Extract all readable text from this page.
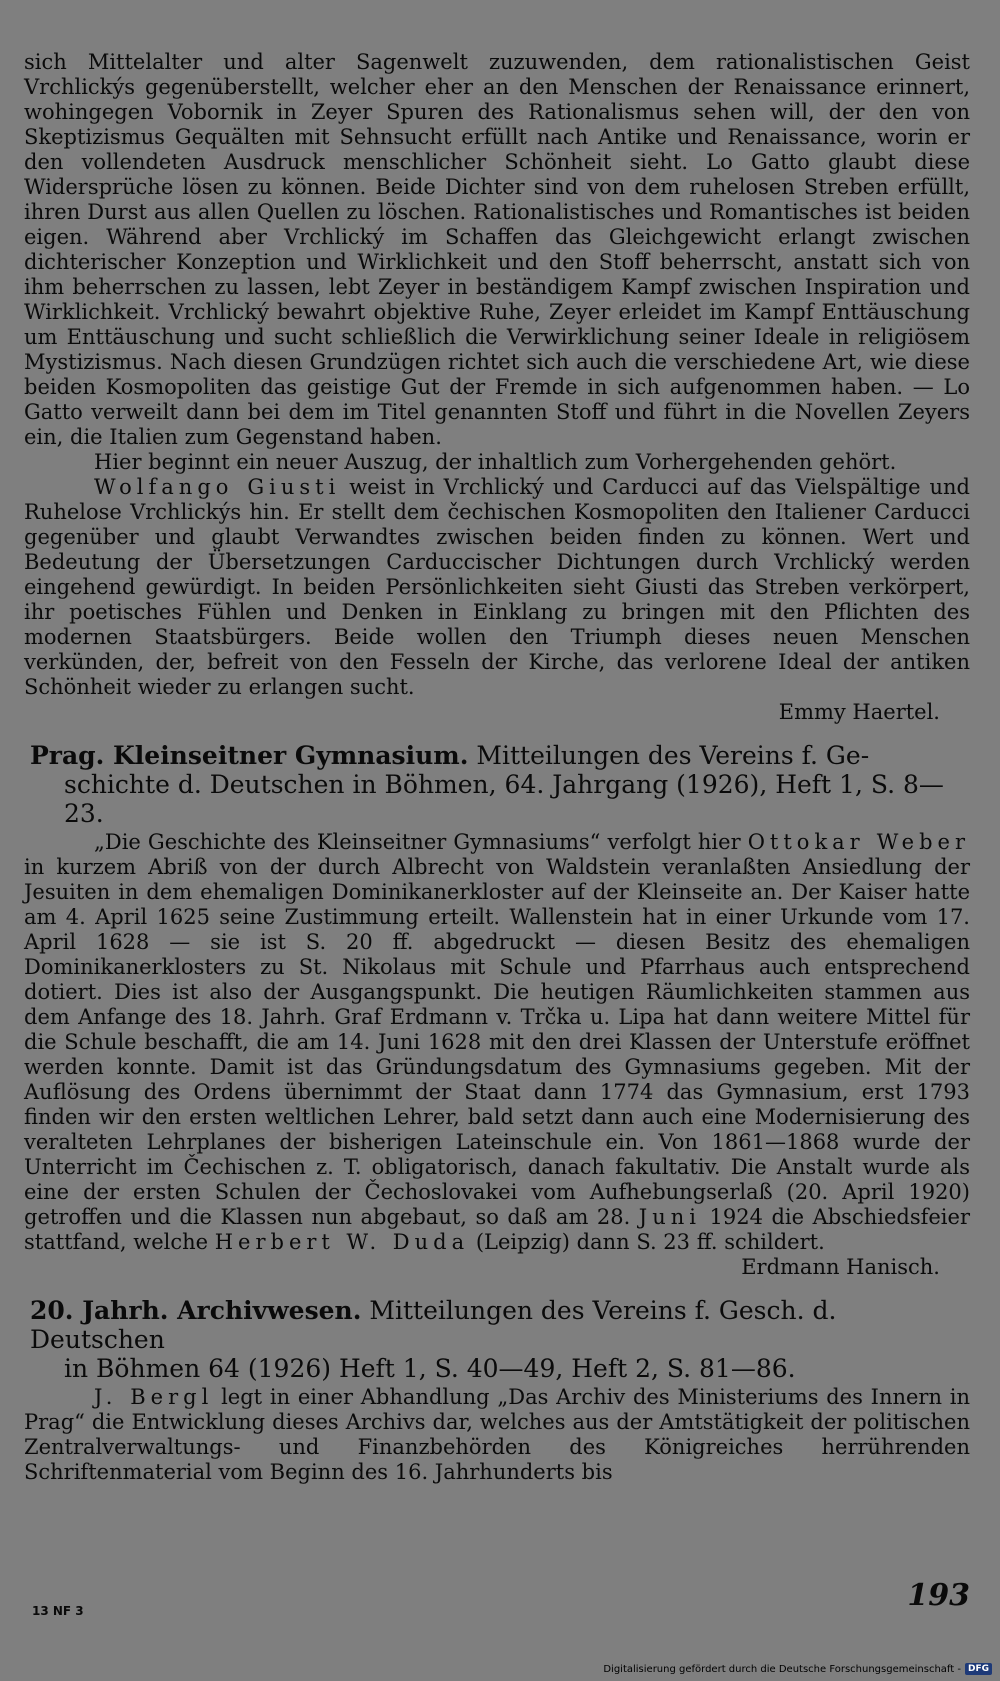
sich Mittelalter und alter Sagenwelt zuzuwenden, dem rationalistischen Geist Vrchlickýs gegenüberstellt, welcher eher an den Menschen der Renaissance erinnert, wohingegen Vobornik in Zeyer Spuren des Rationalismus sehen will, der den von Skeptizismus Gequälten mit Sehnsucht erfüllt nach Antike und Renaissance, worin er den vollendeten Ausdruck menschlicher Schönheit sieht. Lo Gatto glaubt diese Widersprüche lösen zu können. Beide Dichter sind von dem ruhelosen Streben erfüllt, ihren Durst aus allen Quellen zu löschen. Rationalistisches und Romantisches ist beiden eigen. Während aber Vrchlický im Schaffen das Gleichgewicht erlangt zwischen dichterischer Konzeption und Wirklichkeit und den Stoff beherrscht, anstatt sich von ihm beherrschen zu lassen, lebt Zeyer in beständigem Kampf zwischen Inspiration und Wirklichkeit. Vrchlický bewahrt objektive Ruhe, Zeyer erleidet im Kampf Enttäuschung um Enttäuschung und sucht schließlich die Verwirklichung seiner Ideale in religiösem Mystizismus. Nach diesen Grundzügen richtet sich auch die verschiedene Art, wie diese beiden Kosmopoliten das geistige Gut der Fremde in sich aufgenommen haben. — Lo Gatto verweilt dann bei dem im Titel genannten Stoff und führt in die Novellen Zeyers ein, die Italien zum Gegenstand haben.

Hier beginnt ein neuer Auszug, der inhaltlich zum Vorhergehenden gehört.

Wolfango Giusti weist in Vrchlický und Carducci auf das Vielspältige und Ruhelose Vrchlickýs hin. Er stellt dem čechischen Kosmopoliten den Italiener Carducci gegenüber und glaubt Verwandtes zwischen beiden finden zu können. Wert und Bedeutung der Übersetzungen Carduccischer Dichtungen durch Vrchlický werden eingehend gewürdigt. In beiden Persönlichkeiten sieht Giusti das Streben verkörpert, ihr poetisches Fühlen und Denken in Einklang zu bringen mit den Pflichten des modernen Staatsbürgers. Beide wollen den Triumph dieses neuen Menschen verkünden, der, befreit von den Fesseln der Kirche, das verlorene Ideal der antiken Schönheit wieder zu erlangen sucht.

Emmy Haertel.
Prag. Kleinseitner Gymnasium. Mitteilungen des Vereins f. Ge-
schichte d. Deutschen in Böhmen, 64. Jahrgang (1926), Heft 1, S. 8—23.

„Die Geschichte des Kleinseitner Gymnasiums“ verfolgt hier Ottokar Weber in kurzem Abriß von der durch Albrecht von Waldstein veranlaßten Ansiedlung der Jesuiten in dem ehemaligen Dominikanerkloster auf der Kleinseite an. Der Kaiser hatte am 4. April 1625 seine Zustimmung erteilt. Wallenstein hat in einer Urkunde vom 17. April 1628 — sie ist S. 20 ff. abgedruckt — diesen Besitz des ehemaligen Dominikanerklosters zu St. Nikolaus mit Schule und Pfarrhaus auch entsprechend dotiert. Dies ist also der Ausgangspunkt. Die heutigen Räumlichkeiten stammen aus dem Anfange des 18. Jahrh. Graf Erdmann v. Trčka u. Lipa hat dann weitere Mittel für die Schule beschafft, die am 14. Juni 1628 mit den drei Klassen der Unterstufe eröffnet werden konnte. Damit ist das Gründungsdatum des Gymnasiums gegeben. Mit der Auflösung des Ordens übernimmt der Staat dann 1774 das Gymnasium, erst 1793 finden wir den ersten weltlichen Lehrer, bald setzt dann auch eine Modernisierung des veralteten Lehrplanes der bisherigen Lateinschule ein. Von 1861—1868 wurde der Unterricht im Čechischen z. T. obligatorisch, danach fakultativ. Die Anstalt wurde als eine der ersten Schulen der Čechoslovakei vom Aufhebungserlaß (20. April 1920) getroffen und die Klassen nun abgebaut, so daß am 28. Juni 1924 die Abschiedsfeier stattfand, welche Herbert W. Duda (Leipzig) dann S. 23 ff. schildert.

Erdmann Hanisch.
20. Jahrh. Archivwesen. Mitteilungen des Vereins f. Gesch. d. Deutschen
in Böhmen 64 (1926) Heft 1, S. 40—49, Heft 2, S. 81—86.

J. Bergl legt in einer Abhandlung „Das Archiv des Ministeriums des Innern in Prag“ die Entwicklung dieses Archivs dar, welches aus der Amtstätigkeit der politischen Zentralverwaltungs- und Finanzbehörden des Königreiches herrührenden Schriftenmaterial vom Beginn des 16. Jahrhunderts bis

13 NF 3	193
Digitalisierung gefördert durch die Deutsche Forschungsgemeinschaft - DFG
